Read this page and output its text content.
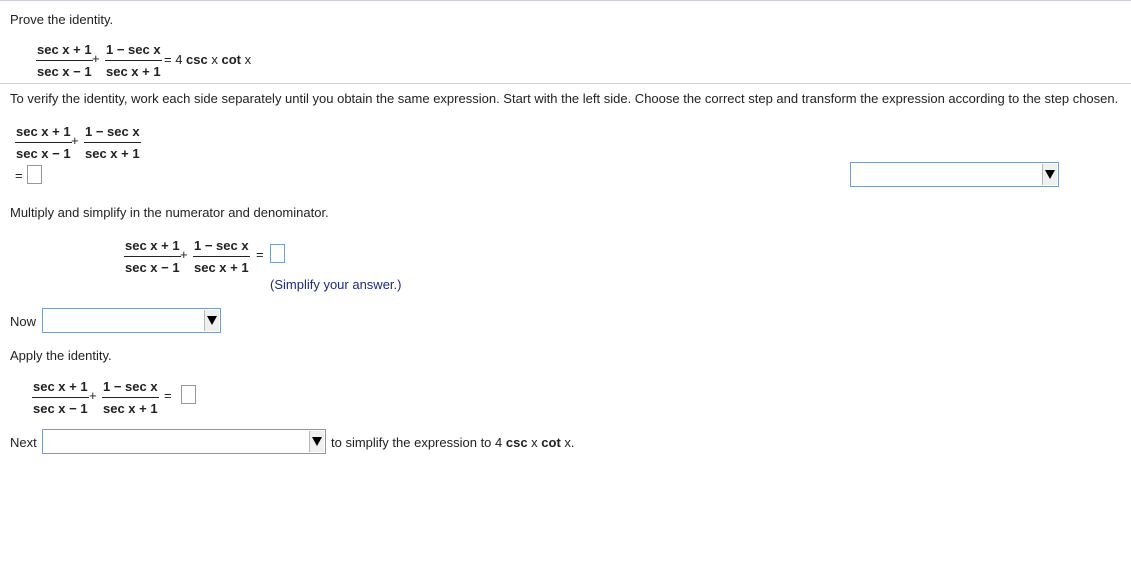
Prove the identity.
sec x + 1
sec x − 1
+
1 − sec x
sec x + 1
= 4 csc x cot x
To verify the identity, work each side separately until you obtain the same expression. Start with the left side. Choose the correct step and transform the expression according to the step chosen.
sec x + 1
sec x − 1
+
1 − sec x
sec x + 1
=
Multiply and simplify in the numerator and denominator.
sec x + 1
sec x − 1
+
1 − sec x
sec x + 1
=
(Simplify your answer.)
Now
Apply the identity.
sec x + 1
sec x − 1
+
1 − sec x
sec x + 1
=
Next	to simplify the expression to 4 csc x cot x.
